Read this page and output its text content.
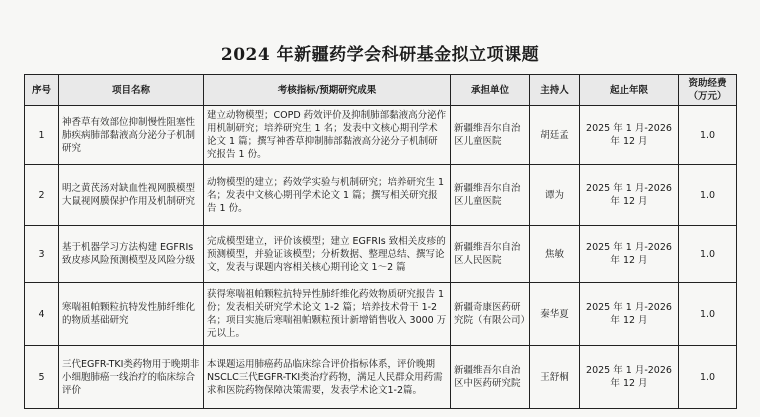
2024 年新疆药学会科研基金拟立项课题
序号	项目名称	考核指标/预期研究成果	承担单位	主持人	起止年限	资助经费（万元）
1	神香草有效部位抑制慢性阻塞性肺疾病肺部黏液高分泌分子机制研究	建立动物模型；COPD 药效评价及抑制肺部黏液高分泌作用机制研究；培养研究生 1 名；发表中文核心期刊学术论文 1 篇；撰写神香草抑制肺部黏液高分泌分子机制研究报告 1 份。	新疆维吾尔自治区儿童医院	胡廷孟	2025 年 1 月-2026 年 12 月	1.0
2	明之黄芪汤对缺血性视网膜模型大鼠视网膜保护作用及机制研究	动物模型的建立；药效学实验与机制研究；培养研究生 1 名；发表中文核心期刊学术论文 1 篇；撰写相关研究报告 1 份。	新疆维吾尔自治区儿童医院	谭为	2025 年 1 月-2026 年 12 月	1.0
3	基于机器学习方法构建 EGFRIs 致皮疹风险预测模型及风险分级	完成模型建立，评价该模型；建立 EGFRIs 致相关皮疹的预测模型，并验证该模型；分析数据、整理总结、撰写论文，发表与课题内容相关核心期刊论文 1～2 篇	新疆维吾尔自治区人民医院	焦敏	2025 年 1 月-2026 年 12 月	1.0
4	寒喘祖帕颗粒抗特发性肺纤维化的物质基础研究	获得寒喘祖帕颗粒抗特异性肺纤维化药效物质研究报告 1 份；发表相关研究学术论文 1-2 篇；培养技术骨干 1-2 名；项目实施后寒喘祖帕颗粒预计新增销售收入 3000 万元以上。	新疆奇康医药研究院（有限公司）	秦华夏	2025 年 1 月-2026 年 12 月	1.0
5	三代EGFR-TKI类药物用于晚期非小细胞肺癌一线治疗的临床综合评价	本课题运用肺癌药品临床综合评价指标体系，评价晚期NSCLC三代EGFR-TKI类治疗药物，满足人民群众用药需求和医院药物保障决策需要，发表学术论文1-2篇。	新疆维吾尔自治区中医药研究院	王舒桐	2025 年 1 月-2026 年 12 月	1.0
